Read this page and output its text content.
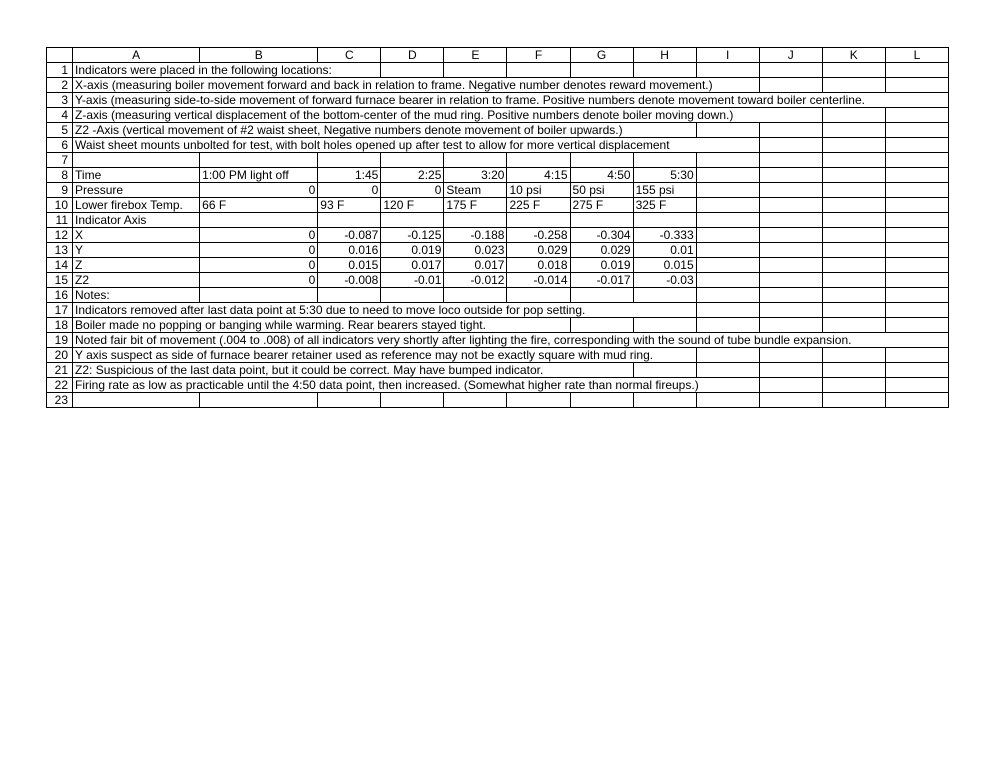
	A	B	C	D	E	F	G	H	I	J	K	L
1	Indicators were placed in the following locations:											
2	X-axis (measuring boiler movement forward and back in relation to frame. Negative number denotes reward movement.)											
3	Y-axis (measuring side-to-side movement of forward furnace bearer in relation to frame. Positive numbers denote movement toward boiler centerline.											
4	Z-axis (measuring vertical displacement of the bottom-center of the mud ring. Positive numbers denote boiler moving down.)											
5	Z2 -Axis (vertical movement of #2 waist sheet, Negative numbers denote movement of boiler upwards.)											
6	Waist sheet mounts unbolted for test, with bolt holes opened up after test to allow for more vertical displacement											
7												
8	Time	1:00 PM light off	1:45	2:25	3:20	4:15	4:50	5:30				
9	Pressure	0	0	0	Steam	10 psi	50 psi	155 psi				
10	Lower firebox Temp.	66 F	93 F	120 F	175 F	225 F	275 F	325 F				
11	Indicator Axis											
12	X	0	-0.087	-0.125	-0.188	-0.258	-0.304	-0.333				
13	Y	0	0.016	0.019	0.023	0.029	0.029	0.01				
14	Z	0	0.015	0.017	0.017	0.018	0.019	0.015				
15	Z2	0	-0.008	-0.01	-0.012	-0.014	-0.017	-0.03				
16	Notes:											
17	Indicators removed after last data point at 5:30 due to need to move loco outside for pop setting.											
18	Boiler made no popping or banging while warming. Rear bearers stayed tight.											
19	Noted fair bit of movement (.004 to .008) of all indicators very shortly after lighting the fire, corresponding with the sound of tube bundle expansion.											
20	Y axis suspect as side of furnace bearer retainer used as reference may not be exactly square with mud ring.											
21	Z2: Suspicious of the last data point, but it could be correct. May have bumped indicator.											
22	Firing rate as low as practicable until the 4:50 data point, then increased. (Somewhat higher rate than normal fireups.)											
23												
